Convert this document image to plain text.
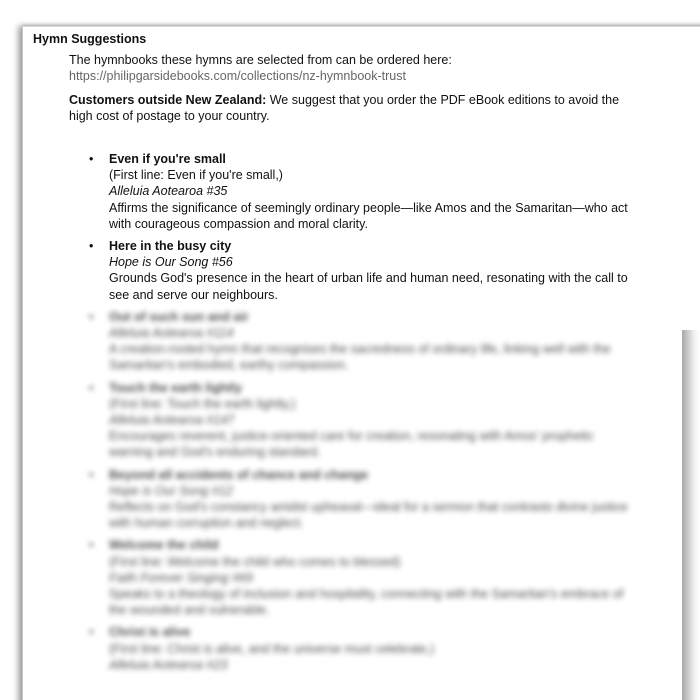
Hymn Suggestions

The hymnbooks these hymns are selected from can be ordered here:
https://philipgarsidebooks.com/collections/nz-hymnbook-trust

Customers outside New Zealand: We suggest that you order the PDF eBook editions to avoid the high cost of postage to your country.

• Even if you're small
(First line: Even if you're small,)
Alleluia Aotearoa #35
Affirms the significance of seemingly ordinary people—like Amos and the Samaritan—who act with courageous compassion and moral clarity.
• Here in the busy city
Hope is Our Song #56
Grounds God's presence in the heart of urban life and human need, resonating with the call to see and serve our neighbours.
• Out of such sun and air
Alleluia Aotearoa #114
A creation-rooted hymn that recognises the sacredness of ordinary life, linking well with the Samaritan's embodied, earthy compassion.
• Touch the earth lightly
(First line: Touch the earth lightly,)
Alleluia Aotearoa #147
Encourages reverent, justice-oriented care for creation, resonating with Amos' prophetic warning and God's enduring standard.
• Beyond all accidents of chance and change
Hope is Our Song #12
Reflects on God's constancy amidst upheaval—ideal for a sermon that contrasts divine justice with human corruption and neglect.
• Welcome the child
(First line: Welcome the child who comes to blessed)
Faith Forever Singing #69
Speaks to a theology of inclusion and hospitality, connecting with the Samaritan's embrace of the wounded and vulnerable.
• Christ is alive
(First line: Christ is alive, and the universe must celebrate,)
Alleluia Aotearoa #23
